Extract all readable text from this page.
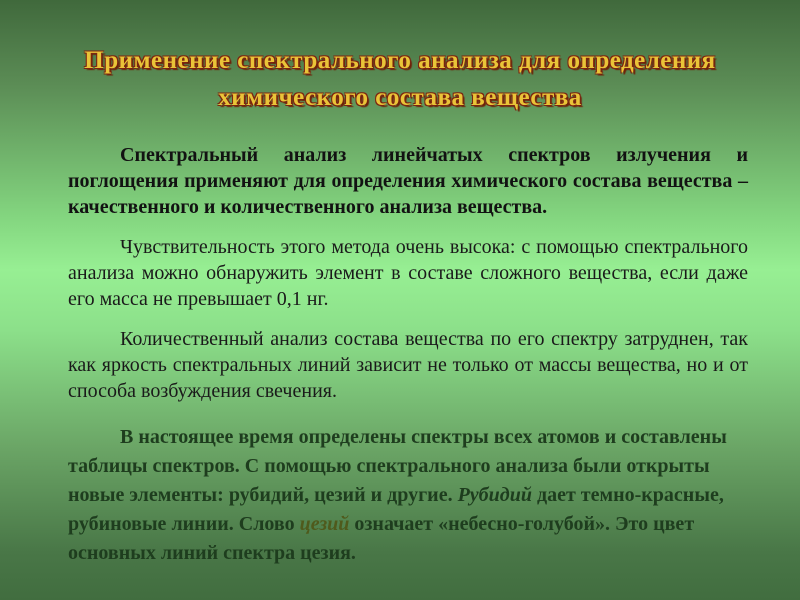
Применение спектрального анализа для определения
химического состава вещества

Спектральный анализ линейчатых спектров излучения и поглощения применяют для определения химического состава вещества – качественного и количественного анализа вещества.

Чувствительность этого метода очень высока: с помощью спектрального анализа можно обнаружить элемент в составе сложного вещества, если даже его масса не превышает 0,1 нг.

Количественный анализ состава вещества по его спектру затруднен, так как яркость спектральных линий зависит не только от массы вещества, но и от способа возбуждения свечения.

В настоящее время определены спектры всех атомов и составлены таблицы спектров. С помощью спектрального анализа были открыты новые элементы: рубидий, цезий и другие. Рубидий дает темно-красные, рубиновые линии. Слово цезий означает «небесно-голубой». Это цвет основных линий спектра цезия.
